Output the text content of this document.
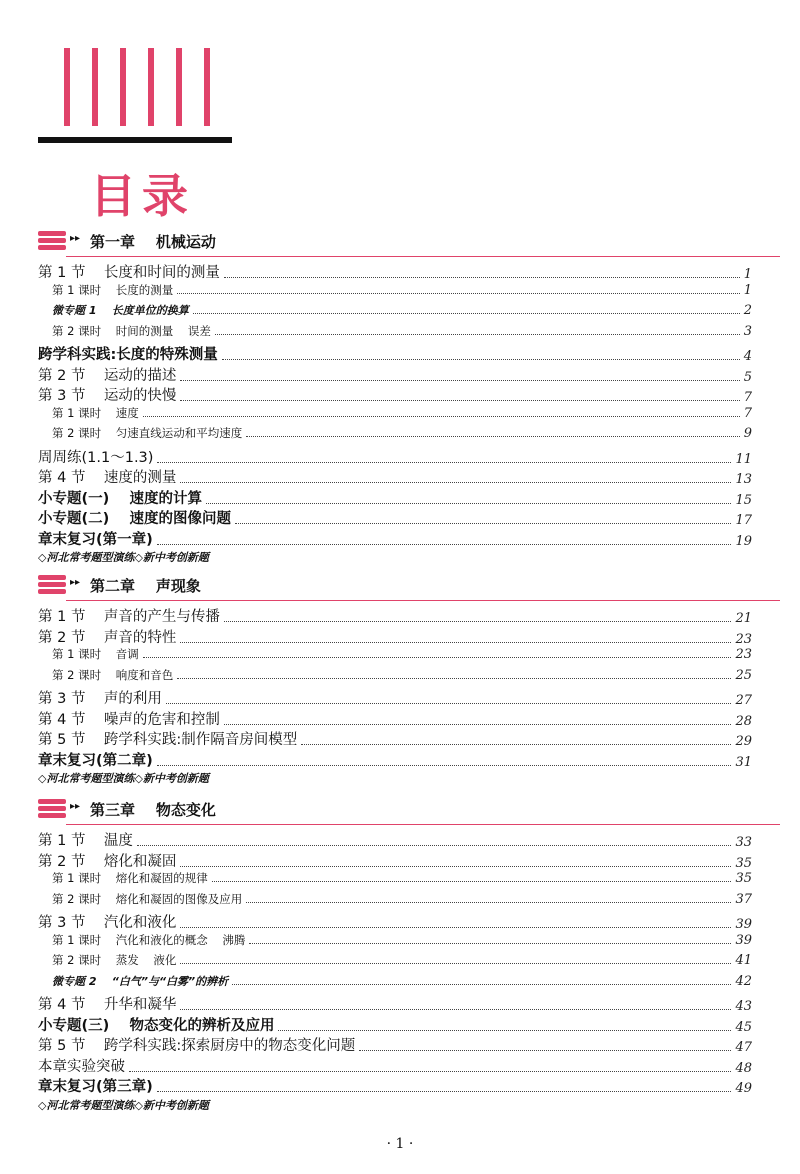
目录
▸▸ 第一章    机械运动
第 1 节    长度和时间的测量	1
第 1 课时    长度的测量	1
微专题 1    长度单位的换算	2
第 2 课时    时间的测量    误差	3
跨学科实践:长度的特殊测量	4
第 2 节    运动的描述	5
第 3 节    运动的快慢	7
第 1 课时    速度	7
第 2 课时    匀速直线运动和平均速度	9
周周练(1.1～1.3)	11
第 4 节    速度的测量	13
小专题(一)    速度的计算	15
小专题(二)    速度的图像问题	17
章末复习(第一章)	19
◇河北常考题型演练◇新中考创新题
▸▸ 第二章    声现象
第 1 节    声音的产生与传播	21
第 2 节    声音的特性	23
第 1 课时    音调	23
第 2 课时    响度和音色	25
第 3 节    声的利用	27
第 4 节    噪声的危害和控制	28
第 5 节    跨学科实践:制作隔音房间模型	29
章末复习(第二章)	31
◇河北常考题型演练◇新中考创新题
▸▸ 第三章    物态变化
第 1 节    温度	33
第 2 节    熔化和凝固	35
第 1 课时    熔化和凝固的规律	35
第 2 课时    熔化和凝固的图像及应用	37
第 3 节    汽化和液化	39
第 1 课时    汽化和液化的概念    沸腾	39
第 2 课时    蒸发    液化	41
微专题 2    “白气”与“白雾”的辨析	42
第 4 节    升华和凝华	43
小专题(三)    物态变化的辨析及应用	45
第 5 节    跨学科实践:探索厨房中的物态变化问题	47
本章实验突破	48
章末复习(第三章)	49
◇河北常考题型演练◇新中考创新题
· 1 ·
